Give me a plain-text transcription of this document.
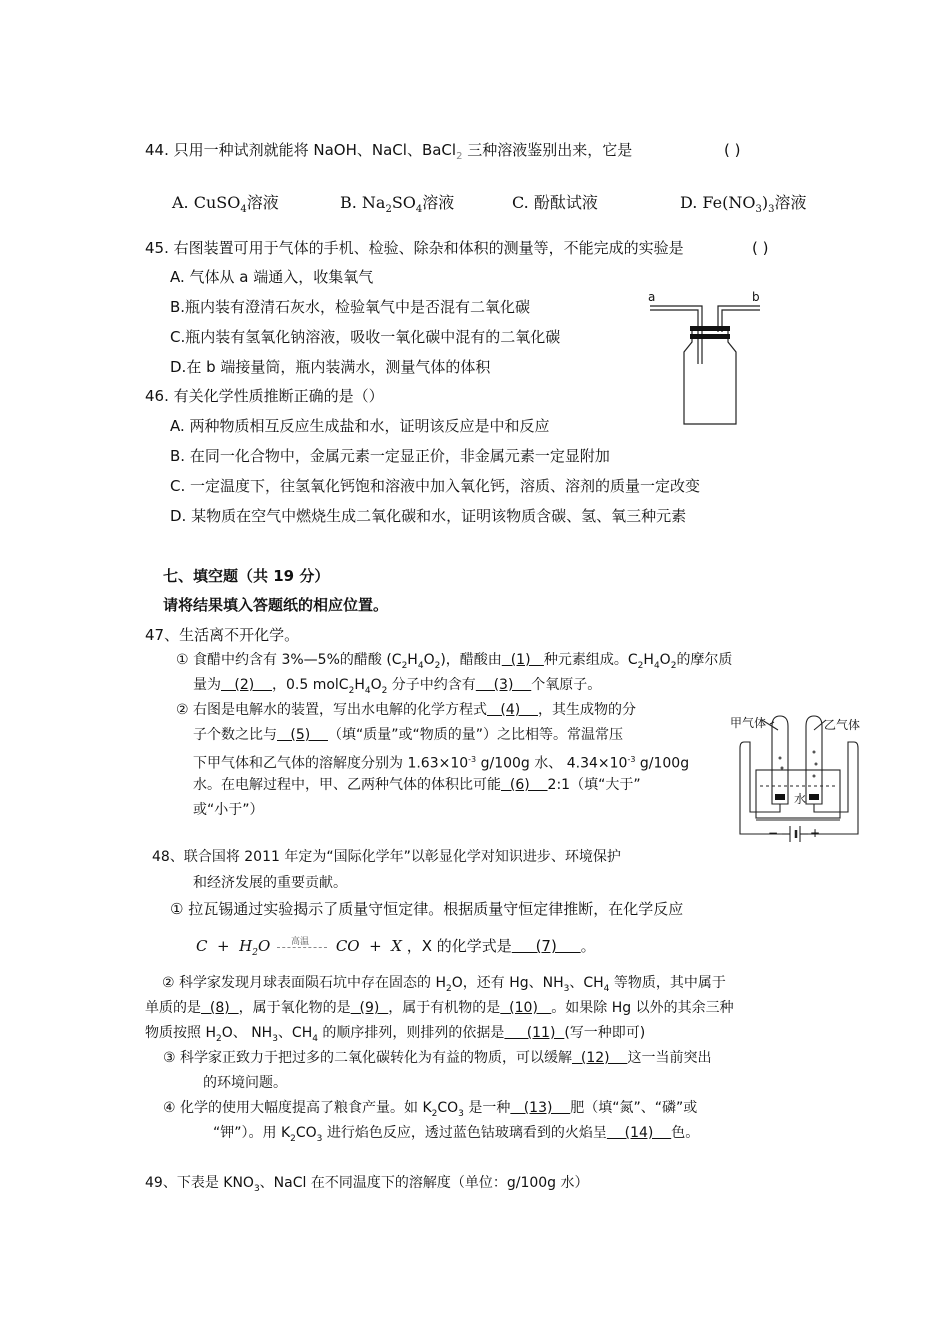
44. 只用一种试剂就能将 NaOH、NaCl、BaCl$_2$ 三种溶液鉴别出来，它是	( )
A. CuSO$_4$溶液	B. $Na_2SO_4$溶液	C. 酚酞试液	D. $Fe(NO_3)_3$溶液
45. 右图装置可用于气体的手机、检验、除杂和体积的测量等，不能完成的实验是	( )
A. 气体从 a 端通入，收集氧气
B.瓶内装有澄清石灰水，检验氧气中是否混有二氧化碳
C.瓶内装有氢氧化钠溶液，吸收一氧化碳中混有的二氧化碳
D.在 b 端接量筒，瓶内装满水，测量气体的体积
a	b
46. 有关化学性质推断正确的是（）
A. 两种物质相互反应生成盐和水，证明该反应是中和反应
B. 在同一化合物中，金属元素一定显正价，非金属元素一定显附加
C. 一定温度下，往氢氧化钙饱和溶液中加入氧化钙，溶质、溶剂的质量一定改变
D. 某物质在空气中燃烧生成二氧化碳和水，证明该物质含碳、氢、氧三种元素
七、填空题（共 19 分）
请将结果填入答题纸的相应位置。
47、生活离不开化学。
① 食醋中约含有 3%—5%的醋酸 $(C_2H_4O_2)$，醋酸由  (1)   种元素组成。$C_2H_4O_2$的摩尔质
量为   (2)    ，0.5 $molC_2H_4O_2$ 分子中约含有    (3)    个氧原子。
② 右图是电解水的装置，写出水电解的化学方程式   (4)    ，其生成物的分
子个数之比与   (5)    （填“质量”或“物质的量”）之比相等。常温常压
下甲气体和乙气体的溶解度分别为 $1.63\times 10^{-3}$ g/100g 水、 $4.34\times 10^{-3}$ g/100g
水。在电解过程中，甲、乙两种气体的体积比可能  (6)    2:1（填“大于”
或“小于”）
甲气体	乙气体
水
−	+
48、联合国将 2011 年定为“国际化学年”以彰显化学对知识进步、环境保护
和经济发展的重要贡献。
① 拉瓦锡通过实验揭示了质量守恒定律。根据质量守恒定律推断，在化学反应
$C + H_2O$ 高温 CO  +  X ，X 的化学式是     (7)     。
② 科学家发现月球表面陨石坑中存在固态的 $H_2O$，还有 Hg、$NH_3$、$CH_4$ 等物质，其中属于
单质的是  (8)  ，属于氧化物的是  (9)  ，属于有机物的是  (10)   。如果除 Hg 以外的其余三种
物质按照 $H_2O$、 $NH_3$、$CH_4$ 的顺序排列，则排列的依据是     (11)  (写一种即可)
③ 科学家正致力于把过多的二氧化碳转化为有益的物质，可以缓解  (12)    这一当前突出
的环境问题。
④ 化学的使用大幅度提高了粮食产量。如 $K_2CO_3$ 是一种   (13)    肥（填“氮”、“磷”或
“钾”）。用 $K_2CO_3$ 进行焰色反应，透过蓝色钴玻璃看到的火焰呈    (14)    色。
49、下表是 $KNO_3$、NaCl 在不同温度下的溶解度（单位：g/100g 水）
